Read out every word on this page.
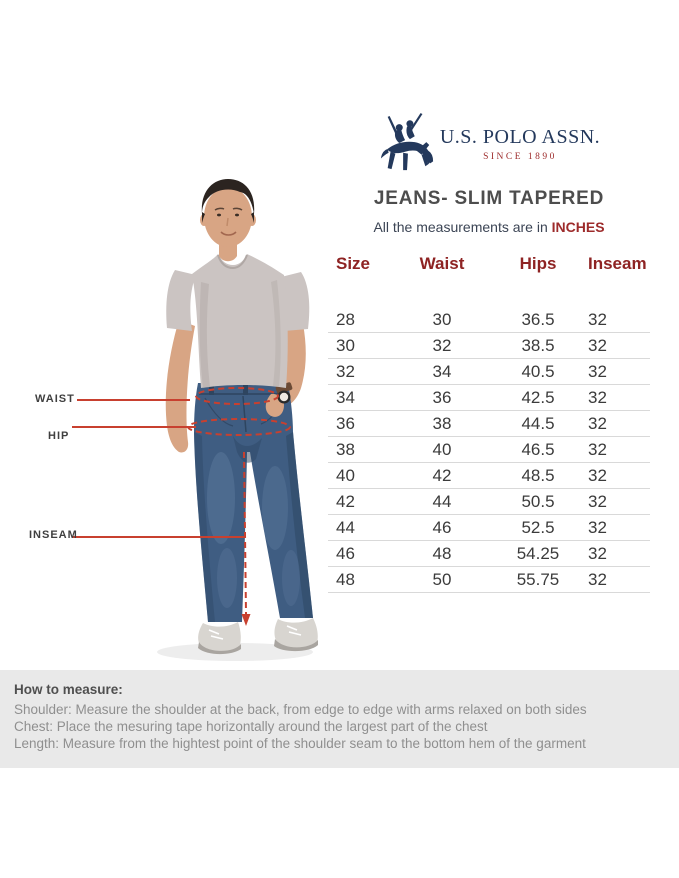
WAIST
HIP
INSEAM
U.S. POLO ASSN.
SINCE 1890
JEANS- SLIM TAPERED
All the measurements are in INCHES
Size	Waist	Hips	Inseam
28	30	36.5	32
30	32	38.5	32
32	34	40.5	32
34	36	42.5	32
36	38	44.5	32
38	40	46.5	32
40	42	48.5	32
42	44	50.5	32
44	46	52.5	32
46	48	54.25	32
48	50	55.75	32
How to measure:
Shoulder: Measure the shoulder at the back, from edge to edge with arms relaxed on both sides
Chest: Place the mesuring tape horizontally around the largest part of the chest
Length: Measure from the hightest point of the shoulder seam to the bottom hem of the garment
